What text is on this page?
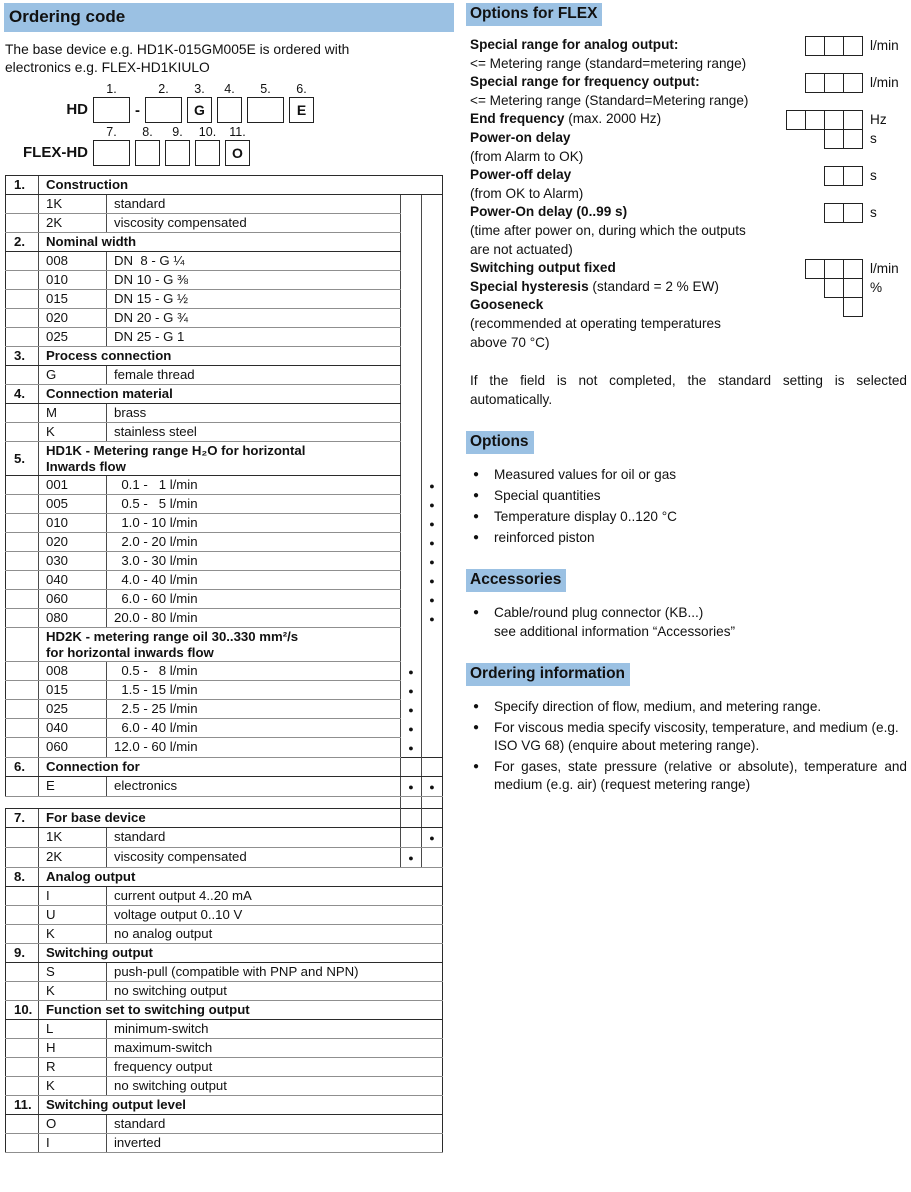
Ordering code
The base device e.g. HD1K-015GM005E is ordered with
electronics e.g. FLEX-HD1KIULO
HD
1.
-
2. 3.
G
4. 5. 6.
E
FLEX-HD
7. 8. 9. 10. 11.
O
1.	Construction			
	1K	standard		
	2K	viscosity compensated		
2.	Nominal width			
	008	DN  8 - G ¼		
	010	DN 10 - G ⅜		
	015	DN 15 - G ½		
	020	DN 20 - G ¾		
	025	DN 25 - G 1		
3.	Process connection			
	G	female thread		
4.	Connection material			
	M	brass		
	K	stainless steel		
5.	HD1K - Metering range H₂O for horizontal
Inwards flow			

	001	0.1 -   1 l/min		●
	005	0.5 -   5 l/min		●
	010	1.0 - 10 l/min		●
	020	2.0 - 20 l/min		●
	030	3.0 - 30 l/min		●
	040	4.0 - 40 l/min		●
	060	6.0 - 60 l/min		●
	080	20.0 - 80 l/min		●

	HD2K - metering range oil 30..330 mm²/s
for horizontal inwards flow			

	008	0.5 -   8 l/min	●	
	015	1.5 - 15 l/min	●	
	025	2.5 - 25 l/min	●	
	040	6.0 - 40 l/min	●	
	060	12.0 - 60 l/min	●	
6.	Connection for			
	E	electronics	●	●

7.	For base device			
	1K	standard		●
	2K	viscosity compensated	●	
8.	Analog output			
	I	current output 4..20 mA		
	U	voltage output 0..10 V		
	K	no analog output		
9.	Switching output			
	S	push-pull (compatible with PNP and NPN)		
	K	no switching output		
10.	Function set to switching output			
	L	minimum-switch		
	H	maximum-switch		
	R	frequency output		
	K	no switching output		
11.	Switching output level			
	O	standard		
	I	inverted		
Options for FLEX
Special range for analog output:
<= Metering range (standard=metering range)
l/min
Special range for frequency output:
<= Metering range (Standard=Metering range)
l/min
End frequency (max. 2000 Hz)
Power-on delay
(from Alarm to OK)
Hz
s
Power-off delay
(from OK to Alarm)
s
Power-On delay (0..99 s)
(time after power on, during which the outputs are not actuated)
s
Switching output fixed
Special hysteresis (standard = 2 % EW)
Gooseneck
(recommended at operating temperatures above 70 °C)
l/min
%
If the field is not completed, the standard setting is selected automatically.
Options
●	Measured values for oil or gas
●	Special quantities
●	Temperature display 0..120 °C
●	reinforced piston
Accessories
●	Cable/round plug connector (KB...)
see additional information “Accessories”
Ordering information
●	Specify direction of flow, medium, and metering range.
●	For viscous media specify viscosity, temperature, and medium (e.g. ISO VG 68) (enquire about metering range).
●	For gases, state pressure (relative or absolute), temperature and medium (e.g. air) (request metering range)
